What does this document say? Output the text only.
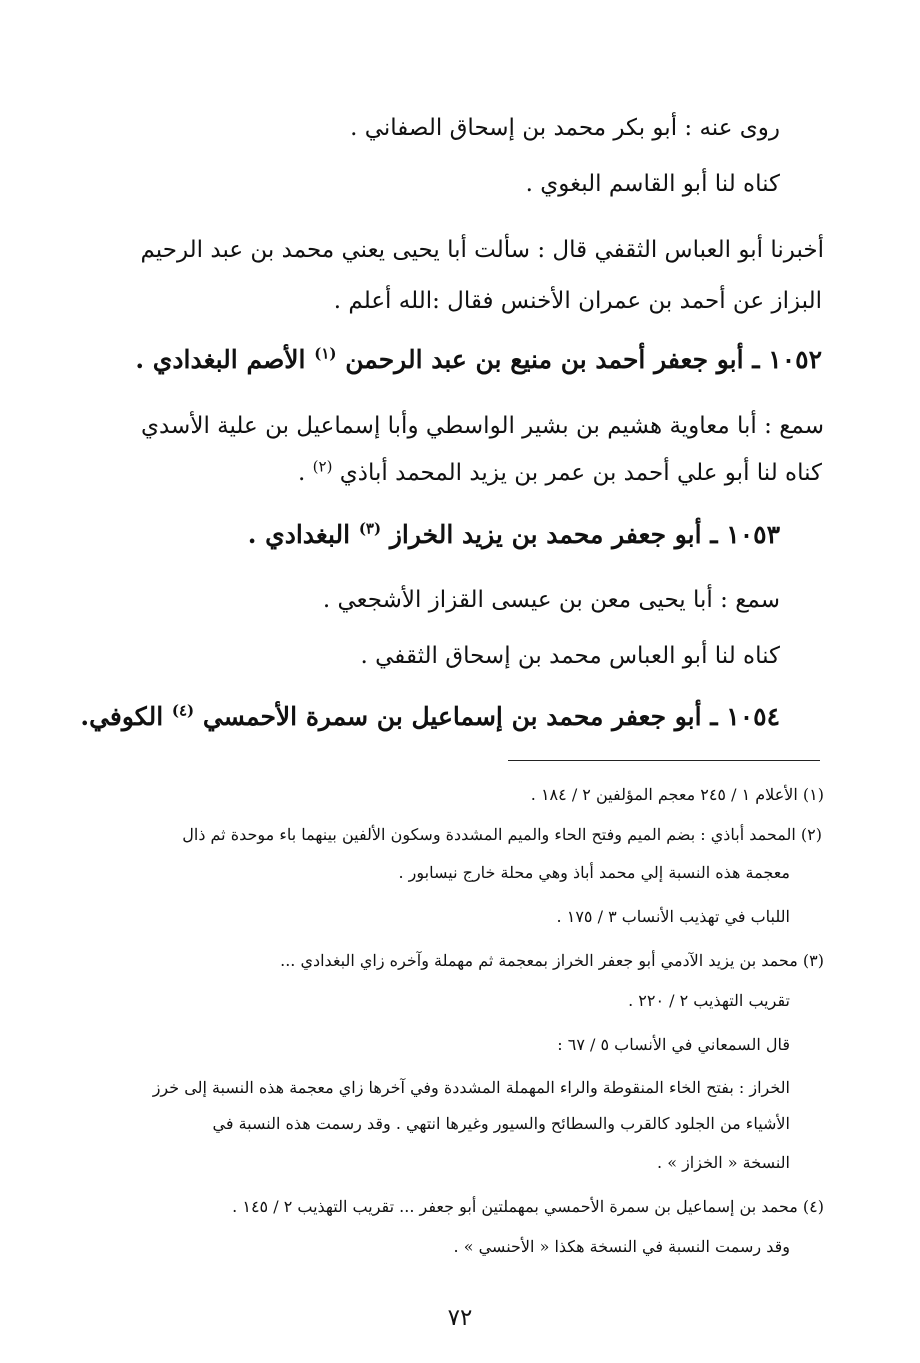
روى عنه : أبو بكر محمد بن إسحاق الصفاني .
كناه لنا أبو القاسم البغوي .
أخبرنا أبو العباس الثقفي قال : سألت أبا يحيى يعني محمد بن عبد الرحيم
البزاز عن أحمد بن عمران الأخنس فقال :الله أعلم .
١٠٥٢ ـ أبو جعفر أحمد بن منيع بن عبد الرحمن $^{(١)}$ الأصم البغدادي .
سمع : أبا معاوية هشيم بن بشير الواسطي وأبا إسماعيل بن علية الأسدي
كناه لنا أبو علي أحمد بن عمر بن يزيد المحمد أباذي $^{(٢)}$ .
١٠٥٣ ـ أبو جعفر محمد بن يزيد الخراز $^{(٣)}$ البغدادي .
سمع : أبا يحيى معن بن عيسى القزاز الأشجعي .
كناه لنا أبو العباس محمد بن إسحاق الثقفي .
١٠٥٤ ـ أبو جعفر محمد بن إسماعيل بن سمرة الأحمسي $^{(٤)}$ الكوفي.
(١) الأعلام ١ / ٢٤٥ معجم المؤلفين ٢ / ١٨٤ .
(٢) المحمد أباذي : بضم الميم وفتح الحاء والميم المشددة وسكون الألفين بينهما باء موحدة ثم ذال
معجمة هذه النسبة إلي محمد أباذ وهي محلة خارج نيسابور .
اللباب في تهذيب الأنساب ٣ / ١٧٥ .
(٣) محمد بن يزيد الآدمي أبو جعفر الخراز بمعجمة ثم مهملة وآخره زاي البغدادي ...
تقريب التهذيب ٢ / ٢٢٠ .
قال السمعاني في الأنساب ٥ / ٦٧ :
الخراز : بفتح الخاء المنقوطة والراء المهملة المشددة وفي آخرها زاي معجمة هذه النسبة إلى خرز
الأشياء من الجلود كالقرب والسطائح والسيور وغيرها انتهي . وقد رسمت هذه النسبة في
النسخة « الخزاز » .
(٤) محمد بن إسماعيل بن سمرة الأحمسي بمهملتين أبو جعفر ... تقريب التهذيب ٢ / ١٤٥ .
وقد رسمت النسبة في النسخة هكذا « الأحنسي » .
٧٢
